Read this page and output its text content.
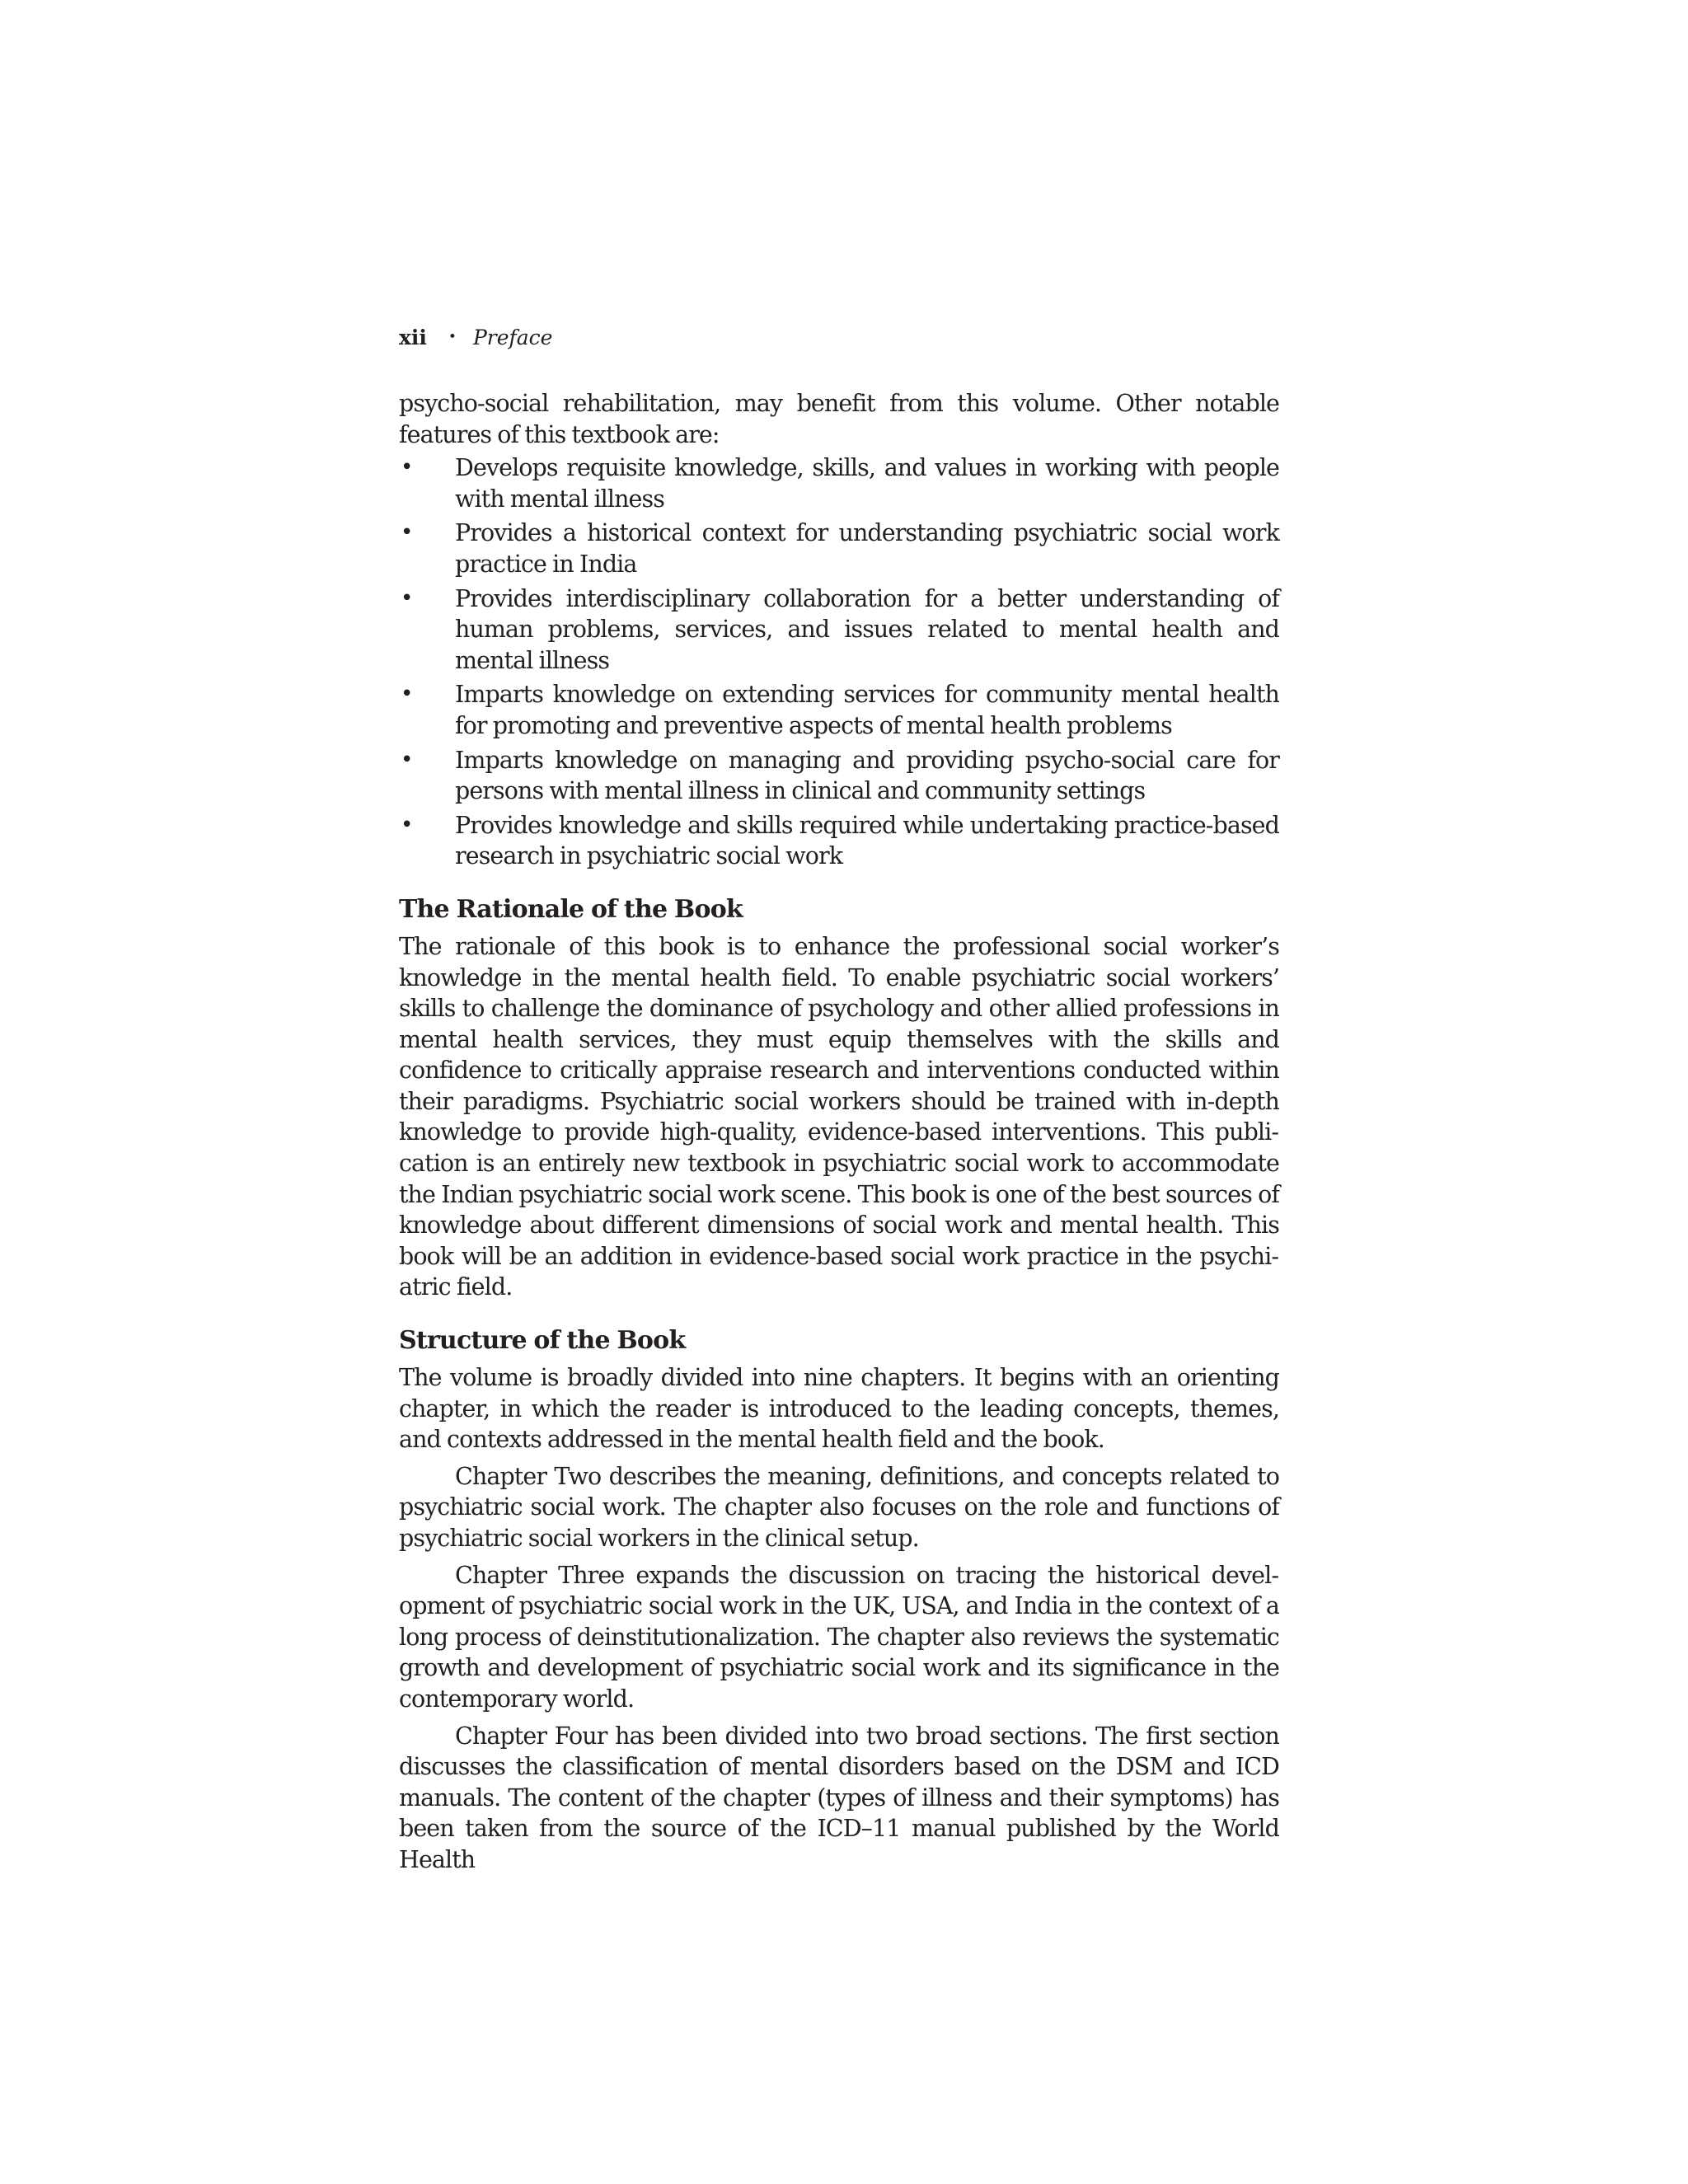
xii • Preface

psycho-social rehabilitation, may benefit from this volume. Other notable features of this textbook are:

• Develops requisite knowledge, skills, and values in working with people with mental illness
• Provides a historical context for understanding psychiatric social work practice in India
• Provides interdisciplinary collaboration for a better understanding of human problems, services, and issues related to mental health and mental illness
• Imparts knowledge on extending services for community mental health for promoting and preventive aspects of mental health problems
• Imparts knowledge on managing and providing psycho-social care for persons with mental illness in clinical and community settings
• Provides knowledge and skills required while undertaking practice-based research in psychiatric social work
The Rationale of the Book

The rationale of this book is to enhance the professional social worker’s knowledge in the mental health field. To enable psychiatric social workers’ skills to challenge the dominance of psychology and other allied professions in mental health services, they must equip themselves with the skills and confidence to critically appraise research and interventions conducted within their paradigms. Psychiatric social workers should be trained with in-depth knowledge to provide high-quality, evidence-based interventions. This publication is an entirely new textbook in psychiatric social work to accommodate the Indian psychiatric social work scene. This book is one of the best sources of knowledge about different dimensions of social work and mental health. This book will be an addition in evidence-based social work practice in the psychiatric field.

Structure of the Book

The volume is broadly divided into nine chapters. It begins with an orienting chapter, in which the reader is introduced to the leading concepts, themes, and contexts addressed in the mental health field and the book.

Chapter Two describes the meaning, definitions, and concepts related to psychiatric social work. The chapter also focuses on the role and functions of psychiatric social workers in the clinical setup.

Chapter Three expands the discussion on tracing the historical development of psychiatric social work in the UK, USA, and India in the context of a long process of deinstitutionalization. The chapter also reviews the systematic growth and development of psychiatric social work and its significance in the contemporary world.

Chapter Four has been divided into two broad sections. The first section discusses the classification of mental disorders based on the DSM and ICD manuals. The content of the chapter (types of illness and their symptoms) has been taken from the source of the ICD–11 manual published by the World Health
